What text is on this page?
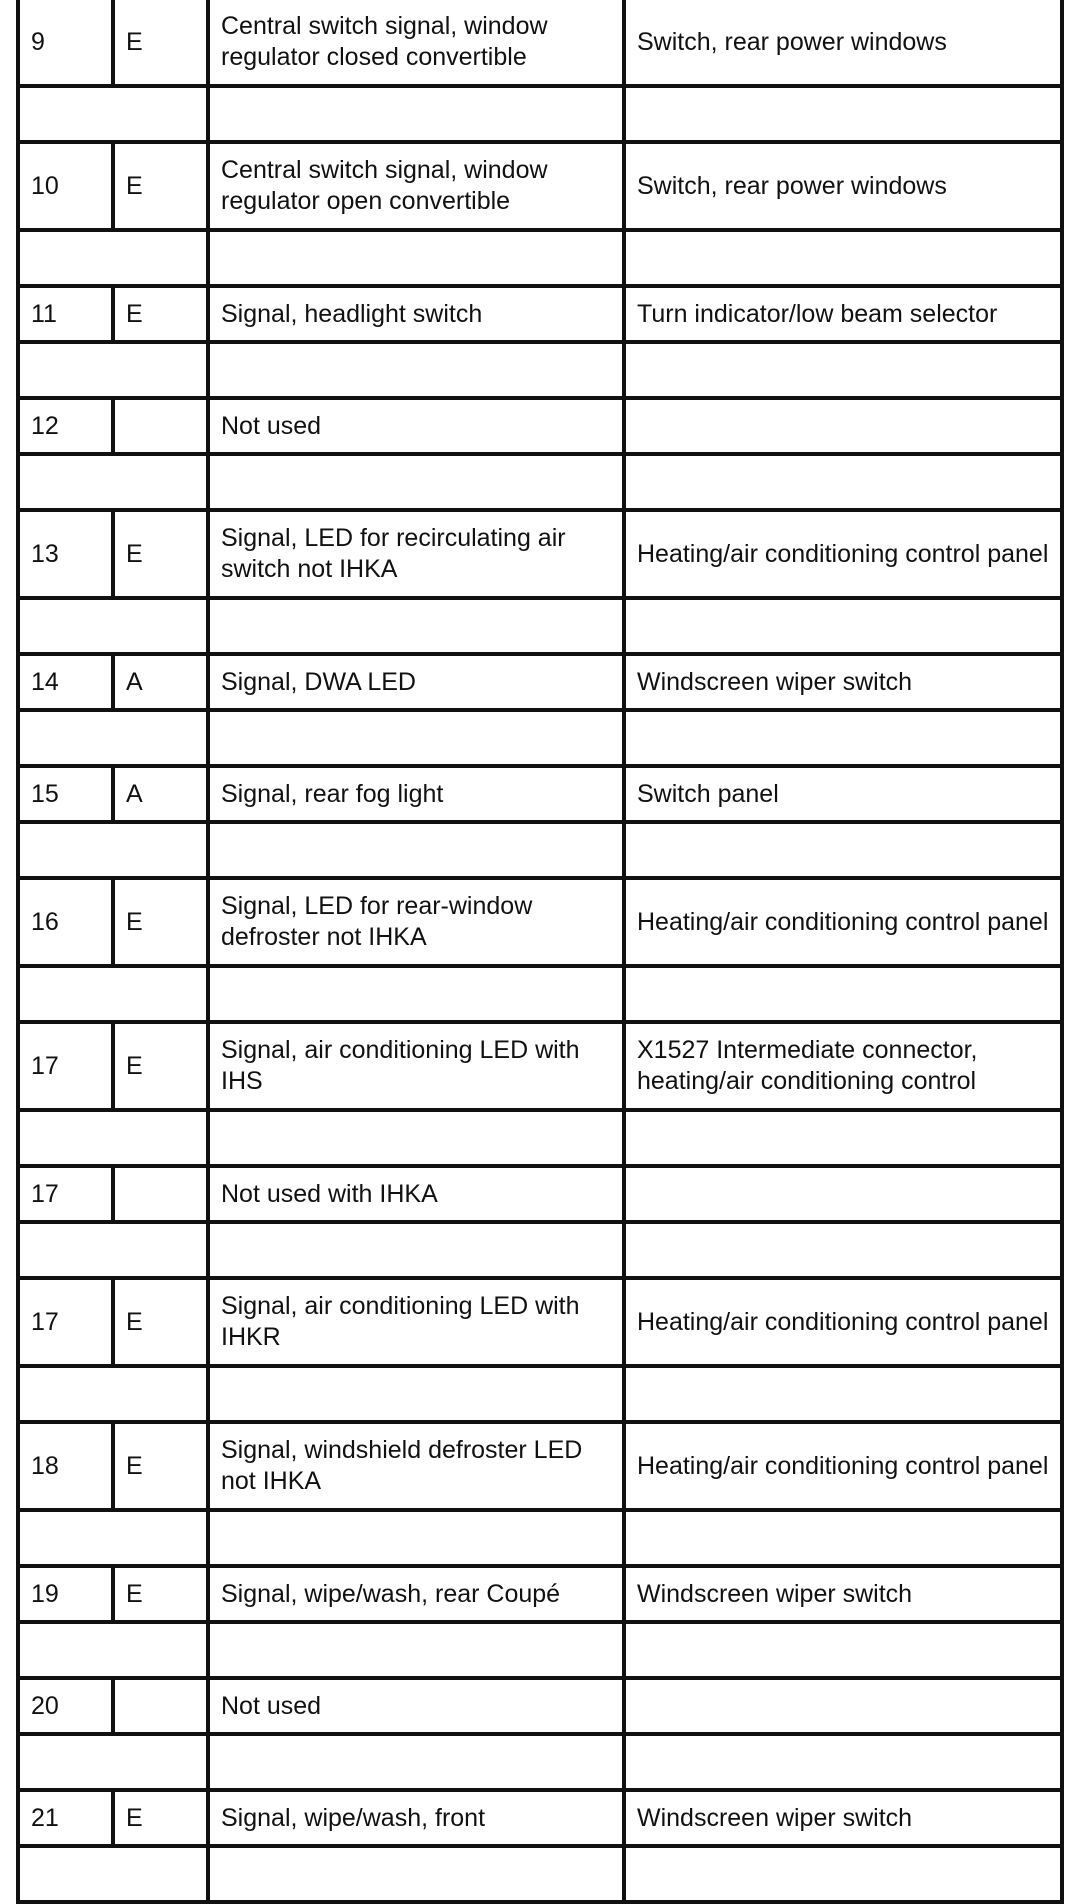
9	E	Central switch signal, window regulator closed convertible	Switch, rear power windows

10	E	Central switch signal, window regulator open convertible	Switch, rear power windows

11	E	Signal, headlight switch	Turn indicator/low beam selector

12		Not used	

13	E	Signal, LED for recirculating air switch not IHKA	Heating/air conditioning control panel

14	A	Signal, DWA LED	Windscreen wiper switch

15	A	Signal, rear fog light	Switch panel

16	E	Signal, LED for rear-window defroster not IHKA	Heating/air conditioning control panel

17	E	Signal, air conditioning LED with IHS	X1527 Intermediate connector, heating/air conditioning control

17		Not used with IHKA	

17	E	Signal, air conditioning LED with IHKR	Heating/air conditioning control panel

18	E	Signal, windshield defroster LED not IHKA	Heating/air conditioning control panel

19	E	Signal, wipe/wash, rear Coupé	Windscreen wiper switch

20		Not used	

21	E	Signal, wipe/wash, front	Windscreen wiper switch
